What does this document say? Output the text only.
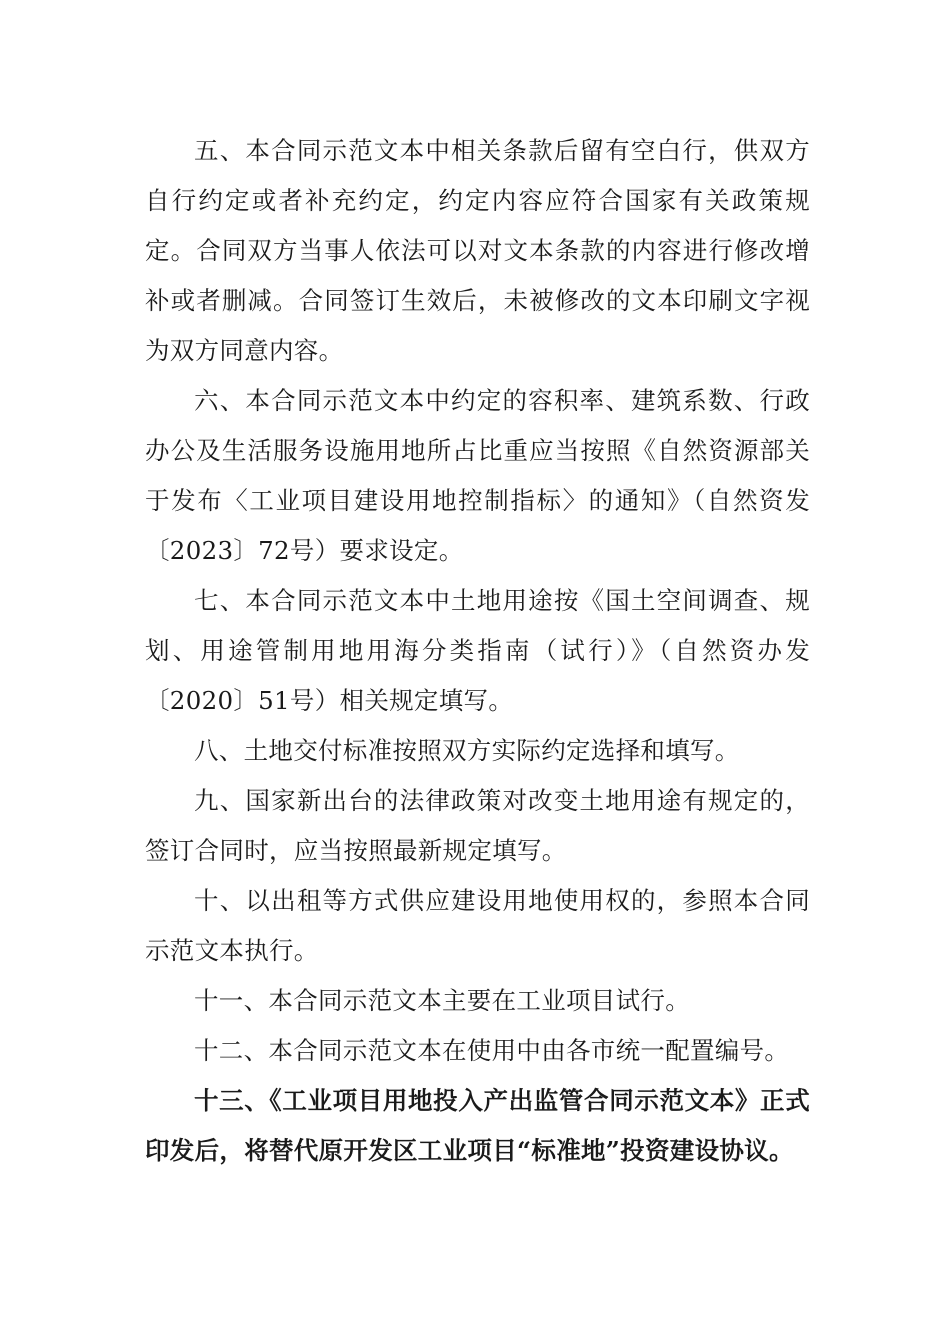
五、本合同示范文本中相关条款后留有空白行，供双方自行约定或者补充约定，约定内容应符合国家有关政策规定。合同双方当事人依法可以对文本条款的内容进行修改增补或者删减。合同签订生效后，未被修改的文本印刷文字视为双方同意内容。

六、本合同示范文本中约定的容积率、建筑系数、行政办公及生活服务设施用地所占比重应当按照《自然资源部关于发布〈工业项目建设用地控制指标〉的通知》（自然资发〔2023〕72号）要求设定。

七、本合同示范文本中土地用途按《国土空间调查、规划、用途管制用地用海分类指南（试行）》（自然资办发〔2020〕51号）相关规定填写。

八、土地交付标准按照双方实际约定选择和填写。

九、国家新出台的法律政策对改变土地用途有规定的，签订合同时，应当按照最新规定填写。

十、以出租等方式供应建设用地使用权的，参照本合同示范文本执行。

十一、本合同示范文本主要在工业项目试行。

十二、本合同示范文本在使用中由各市统一配置编号。

十三、《工业项目用地投入产出监管合同示范文本》正式印发后，将替代原开发区工业项目“标准地”投资建设协议。
